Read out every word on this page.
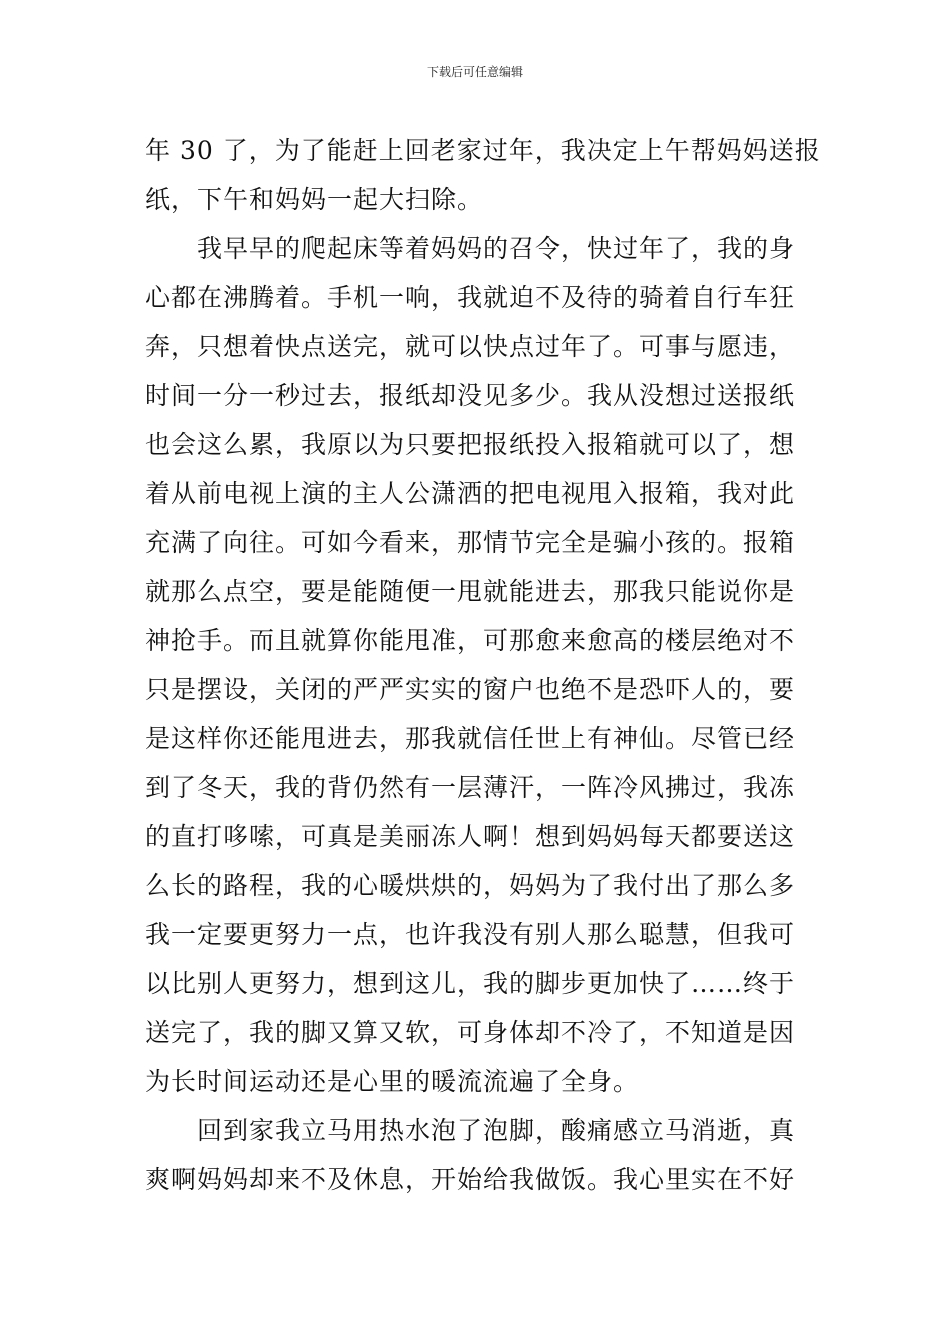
下载后可任意编辑
年 30 了，为了能赶上回老家过年，我决定上午帮妈妈送报
纸，下午和妈妈一起大扫除。
　　我早早的爬起床等着妈妈的召令，快过年了，我的身
心都在沸腾着。手机一响，我就迫不及待的骑着自行车狂
奔，只想着快点送完，就可以快点过年了。可事与愿违，
时间一分一秒过去，报纸却没见多少。我从没想过送报纸
也会这么累，我原以为只要把报纸投入报箱就可以了，想
着从前电视上演的主人公潇洒的把电视甩入报箱，我对此
充满了向往。可如今看来，那情节完全是骗小孩的。报箱
就那么点空，要是能随便一甩就能进去，那我只能说你是
神抢手。而且就算你能甩准，可那愈来愈高的楼层绝对不
只是摆设，关闭的严严实实的窗户也绝不是恐吓人的，要
是这样你还能甩进去，那我就信任世上有神仙。尽管已经
到了冬天，我的背仍然有一层薄汗，一阵冷风拂过，我冻
的直打哆嗦，可真是美丽冻人啊！想到妈妈每天都要送这
么长的路程，我的心暖烘烘的，妈妈为了我付出了那么多
我一定要更努力一点，也许我没有别人那么聪慧，但我可
以比别人更努力，想到这儿，我的脚步更加快了……终于
送完了，我的脚又算又软，可身体却不冷了，不知道是因
为长时间运动还是心里的暖流流遍了全身。
　　回到家我立马用热水泡了泡脚，酸痛感立马消逝，真
爽啊妈妈却来不及休息，开始给我做饭。我心里实在不好
